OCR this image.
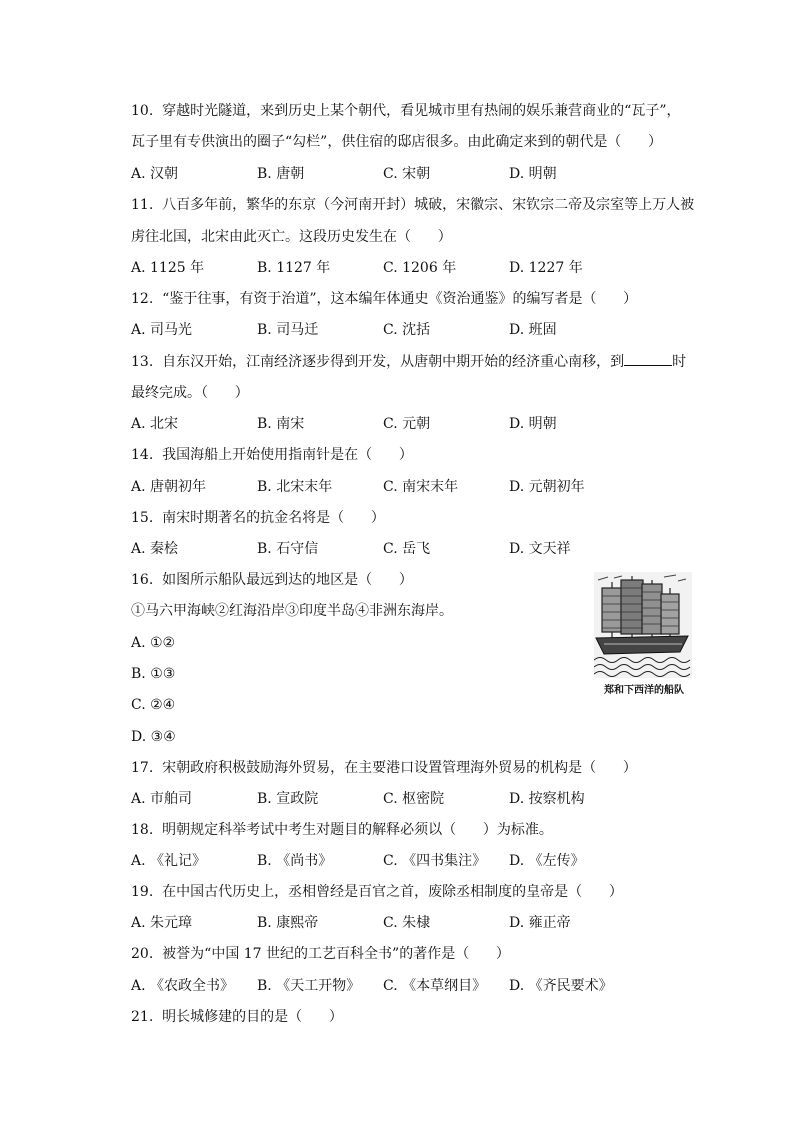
10.  穿越时光隧道，来到历史上某个朝代，看见城市里有热闹的娱乐兼营商业的“瓦子”，
瓦子里有专供演出的圈子“勾栏”，供住宿的邸店很多。由此确定来到的朝代是（      ）
A. 汉朝	B. 唐朝	C. 宋朝	D. 明朝
11.  八百多年前，繁华的东京（今河南开封）城破，宋徽宗、宋钦宗二帝及宗室等上万人被
虏往北国，北宋由此灭亡。这段历史发生在（      ）
A. 1125 年	B. 1127 年	C. 1206 年	D. 1227 年
12.  “鉴于往事，有资于治道”，这本编年体通史《资治通鉴》的编写者是（      ）
A. 司马光	B. 司马迁	C. 沈括	D. 班固
13.  自东汉开始，江南经济逐步得到开发，从唐朝中期开始的经济重心南移，到	时
最终完成。（      ）
A. 北宋	B. 南宋	C. 元朝	D. 明朝
14.  我国海船上开始使用指南针是在（      ）
A. 唐朝初年	B. 北宋末年	C. 南宋末年	D. 元朝初年
15.  南宋时期著名的抗金名将是（      ）
A. 秦桧	B. 石守信	C. 岳飞	D. 文天祥
16.  如图所示船队最远到达的地区是（      ）
①马六甲海峡②红海沿岸③印度半岛④非洲东海岸。
A. ①②
B. ①③
C. ②④
D. ③④
郑和下西洋的船队
17.  宋朝政府积极鼓励海外贸易，在主要港口设置管理海外贸易的机构是（      ）
A. 市舶司	B. 宣政院	C. 枢密院	D. 按察机构
18.  明朝规定科举考试中考生对题目的解释必须以（      ）为标准。
A. 《礼记》	B. 《尚书》	C. 《四书集注》 D. 《左传》
19.  在中国古代历史上，丞相曾经是百官之首，废除丞相制度的皇帝是（      ）
A. 朱元璋	B. 康熙帝	C. 朱棣	D. 雍正帝
20.  被誉为“中国 17 世纪的工艺百科全书”的著作是（      ）
A. 《农政全书》 B. 《天工开物》 C. 《本草纲目》 D. 《齐民要术》
21.  明长城修建的目的是（      ）
